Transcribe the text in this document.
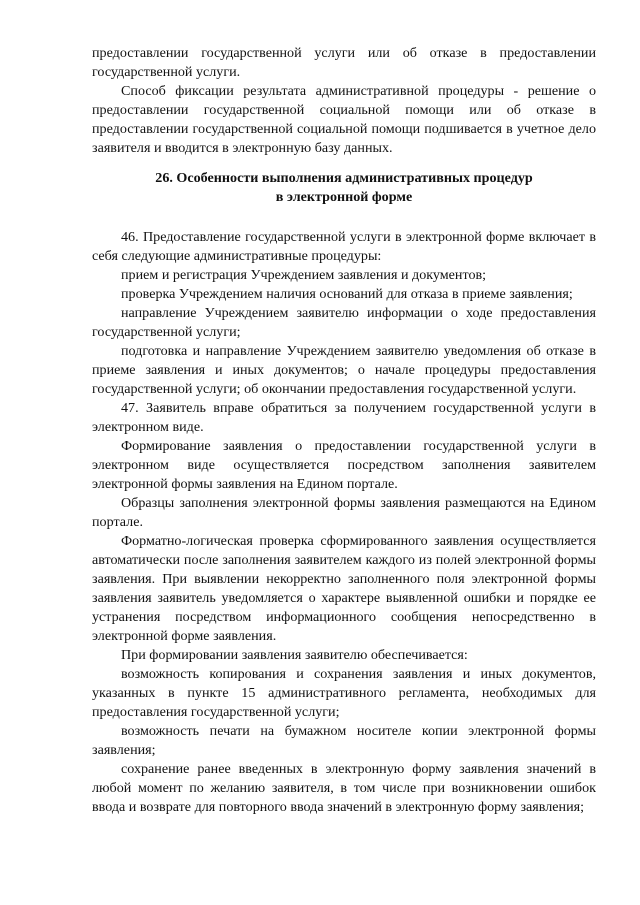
предоставлении государственной услуги или об отказе в предоставлении государственной услуги.

Способ фиксации результата административной процедуры - решение о предоставлении государственной социальной помощи или об отказе в предоставлении государственной социальной помощи подшивается в учетное дело заявителя и вводится в электронную базу данных.

26. Особенности выполнения административных процедур
в электронной форме

46. Предоставление государственной услуги в электронной форме включает в себя следующие административные процедуры:

прием и регистрация Учреждением заявления и документов;

проверка Учреждением наличия оснований для отказа в приеме заявления;

направление Учреждением заявителю информации о ходе предоставления государственной услуги;

подготовка и направление Учреждением заявителю уведомления об отказе в приеме заявления и иных документов; о начале процедуры предоставления государственной услуги; об окончании предоставления государственной услуги.

47. Заявитель вправе обратиться за получением государственной услуги в электронном виде.

Формирование заявления о предоставлении государственной услуги в электронном виде осуществляется посредством заполнения заявителем электронной формы заявления на Едином портале.

Образцы заполнения электронной формы заявления размещаются на Едином портале.

Форматно-логическая проверка сформированного заявления осуществляется автоматически после заполнения заявителем каждого из полей электронной формы заявления. При выявлении некорректно заполненного поля электронной формы заявления заявитель уведомляется о характере выявленной ошибки и порядке ее устранения посредством информационного сообщения непосредственно в электронной форме заявления.

При формировании заявления заявителю обеспечивается:

возможность копирования и сохранения заявления и иных документов, указанных в пункте 15 административного регламента, необходимых для предоставления государственной услуги;

возможность печати на бумажном носителе копии электронной формы заявления;

сохранение ранее введенных в электронную форму заявления значений в любой момент по желанию заявителя, в том числе при возникновении ошибок ввода и возврате для повторного ввода значений в электронную форму заявления;
